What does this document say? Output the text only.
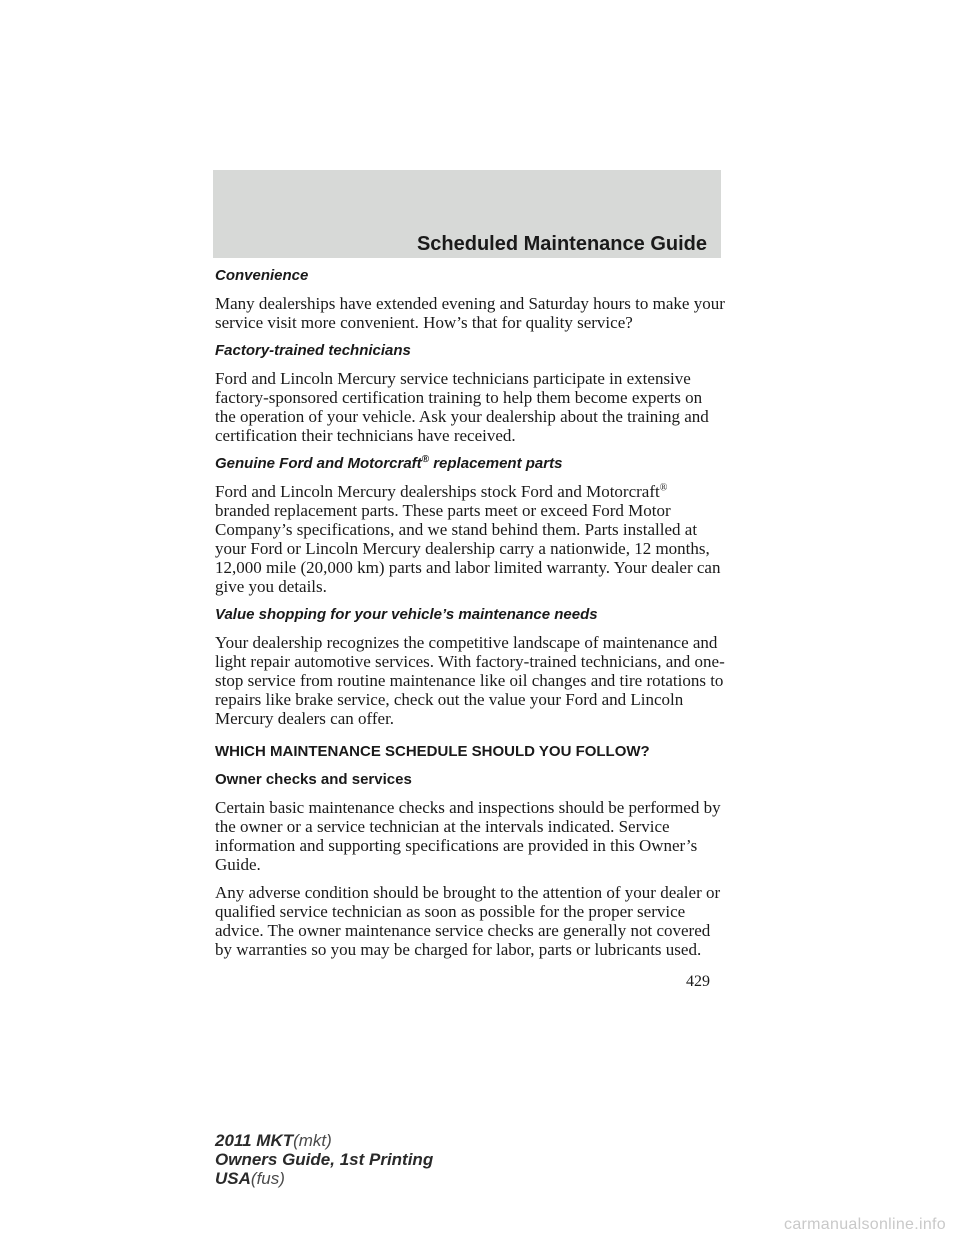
Scheduled Maintenance Guide
Convenience
Many dealerships have extended evening and Saturday hours to make your service visit more convenient. How’s that for quality service?
Factory-trained technicians
Ford and Lincoln Mercury service technicians participate in extensive factory-sponsored certification training to help them become experts on the operation of your vehicle. Ask your dealership about the training and certification their technicians have received.
Genuine Ford and Motorcraft® replacement parts
Ford and Lincoln Mercury dealerships stock Ford and Motorcraft® branded replacement parts. These parts meet or exceed Ford Motor Company’s specifications, and we stand behind them. Parts installed at your Ford or Lincoln Mercury dealership carry a nationwide, 12 months, 12,000 mile (20,000 km) parts and labor limited warranty. Your dealer can give you details.
Value shopping for your vehicle’s maintenance needs
Your dealership recognizes the competitive landscape of maintenance and light repair automotive services. With factory-trained technicians, and one-stop service from routine maintenance like oil changes and tire rotations to repairs like brake service, check out the value your Ford and Lincoln Mercury dealers can offer.
WHICH MAINTENANCE SCHEDULE SHOULD YOU FOLLOW?
Owner checks and services
Certain basic maintenance checks and inspections should be performed by the owner or a service technician at the intervals indicated. Service information and supporting specifications are provided in this Owner’s Guide.
Any adverse condition should be brought to the attention of your dealer or qualified service technician as soon as possible for the proper service advice. The owner maintenance service checks are generally not covered by warranties so you may be charged for labor, parts or lubricants used.
429
2011 MKT(mkt)
Owners Guide, 1st Printing
USA(fus)
carmanualsonline.info
